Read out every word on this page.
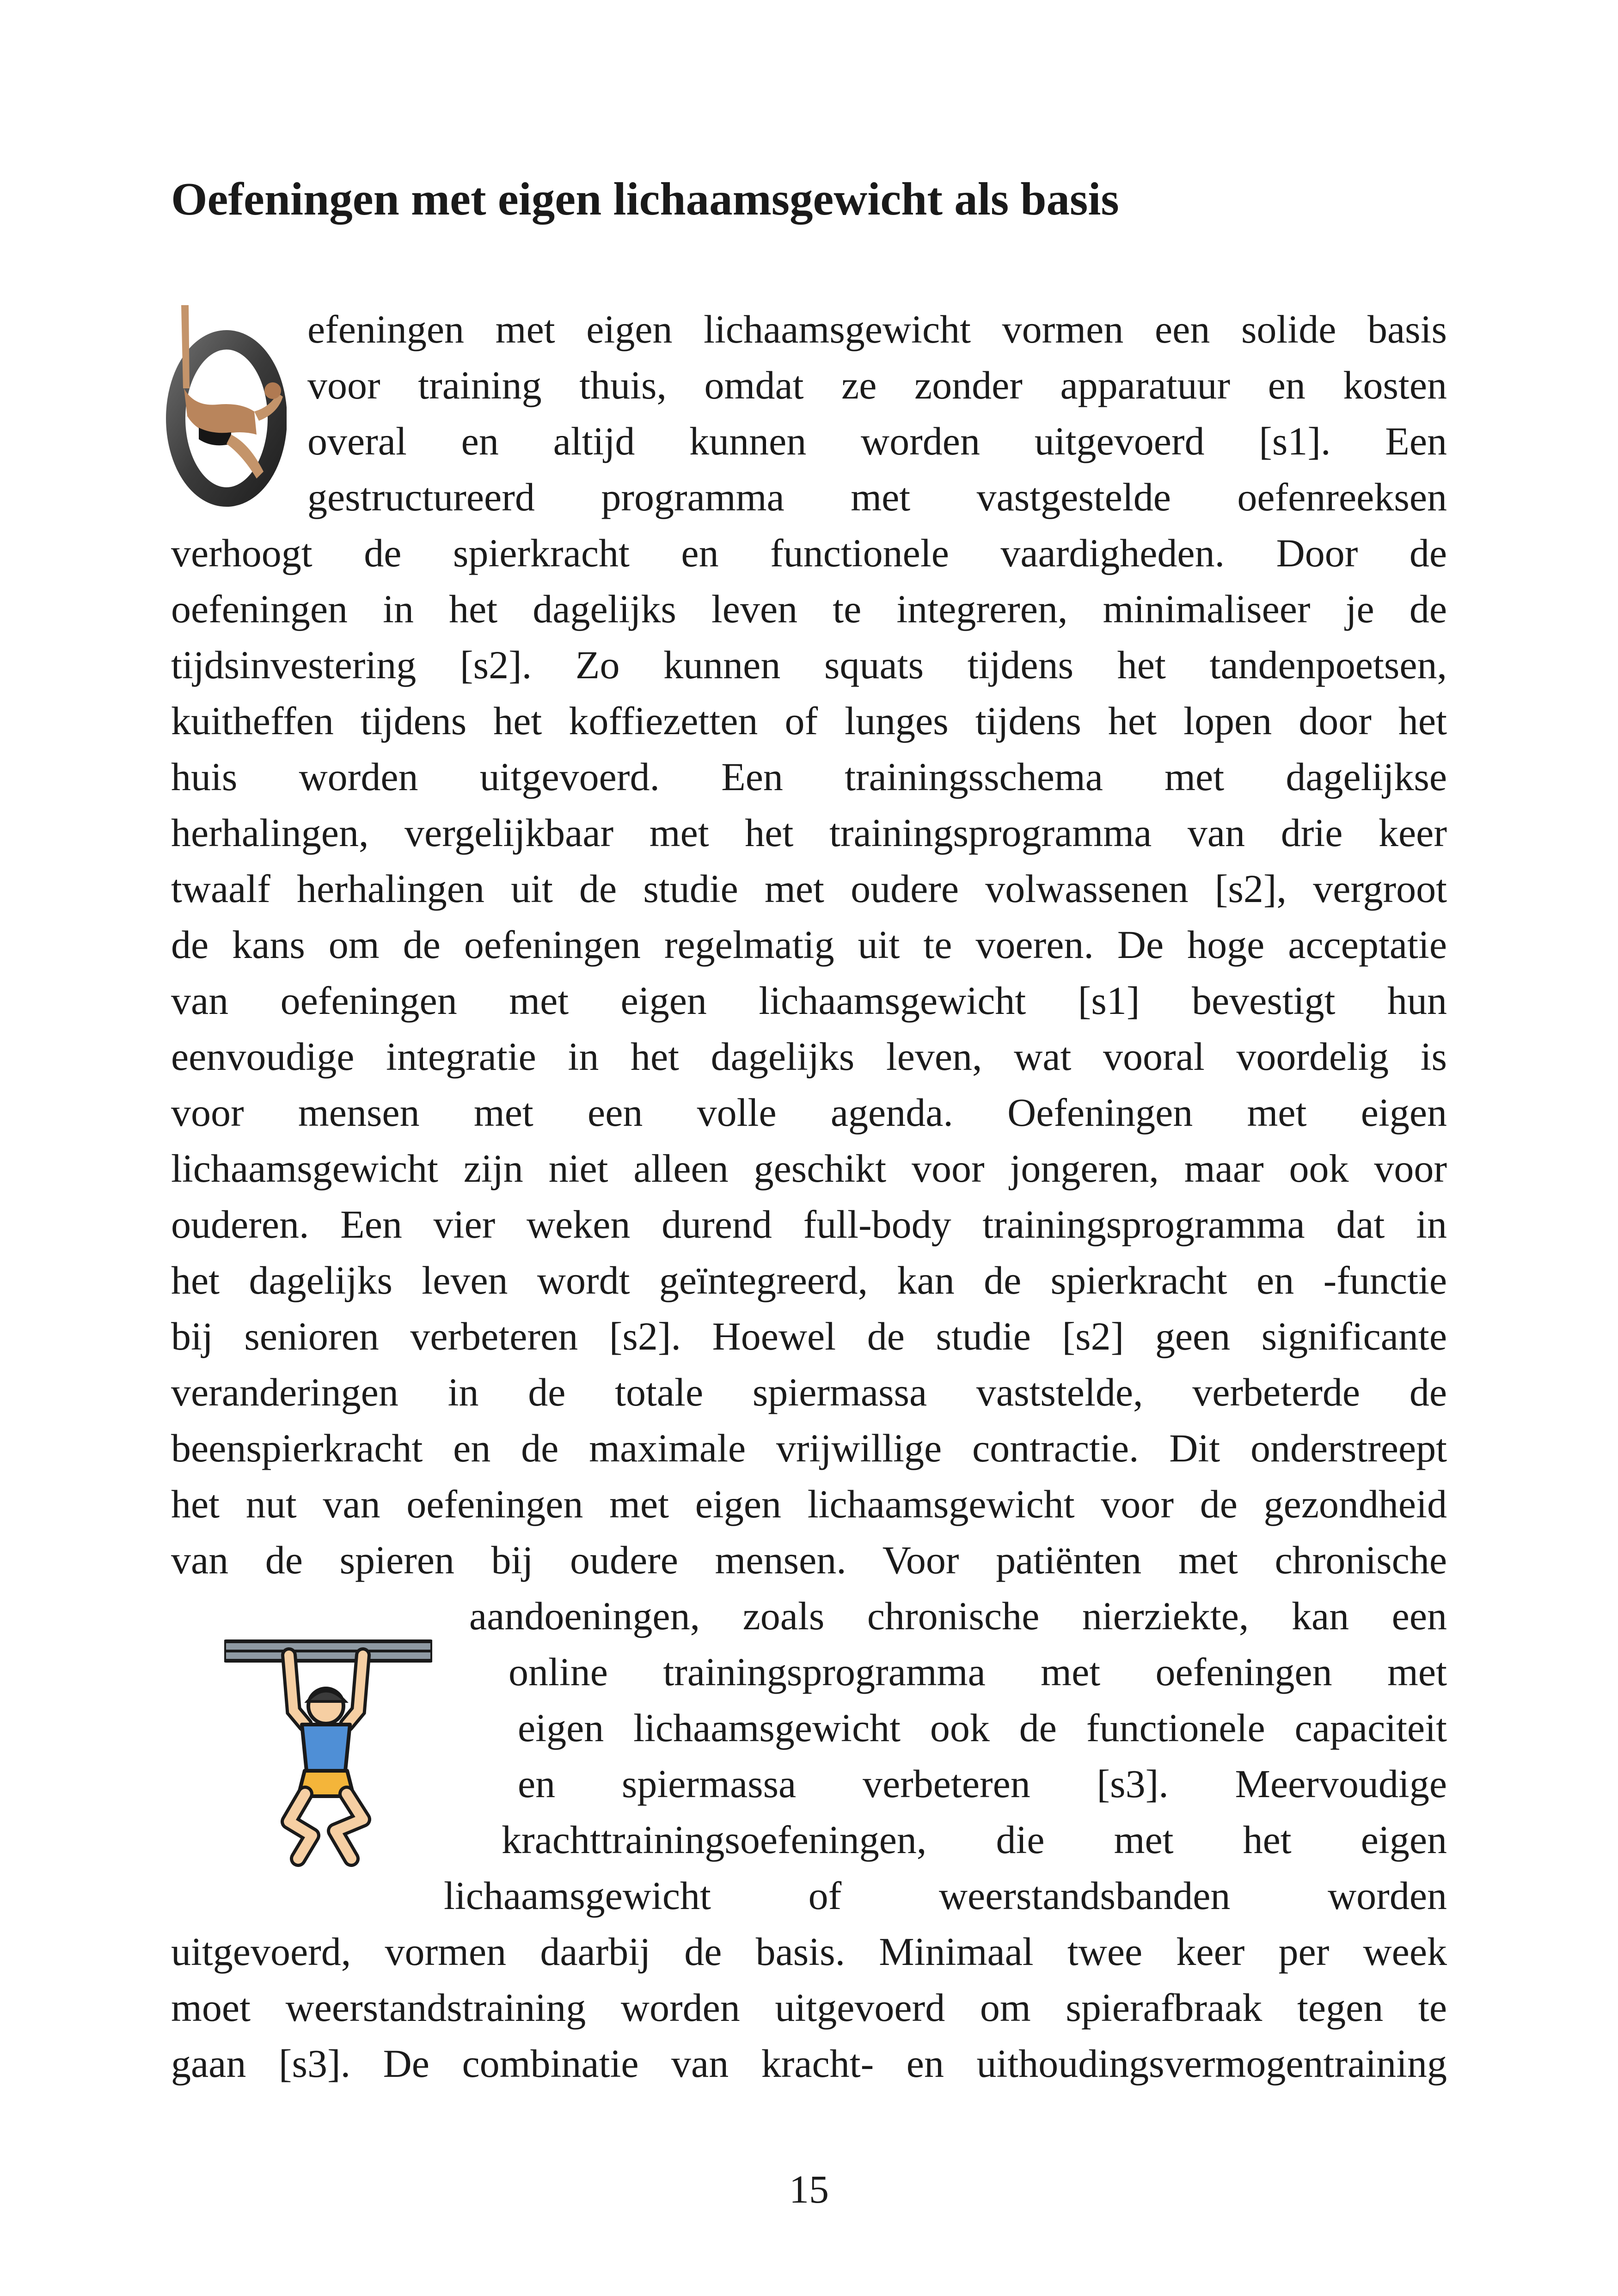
Oefeningen met eigen lichaamsgewicht als basis
efeningen met eigen lichaamsgewicht vormen een solide basis
voor training thuis, omdat ze zonder apparatuur en kosten
overal en altijd kunnen worden uitgevoerd [s1]. Een
gestructureerd programma met vastgestelde oefenreeksen
verhoogt de spierkracht en functionele vaardigheden. Door de
oefeningen in het dagelijks leven te integreren, minimaliseer je de
tijdsinvestering [s2]. Zo kunnen squats tijdens het tandenpoetsen,
kuitheffen tijdens het koffiezetten of lunges tijdens het lopen door het
huis worden uitgevoerd. Een trainingsschema met dagelijkse
herhalingen, vergelijkbaar met het trainingsprogramma van drie keer
twaalf herhalingen uit de studie met oudere volwassenen [s2], vergroot
de kans om de oefeningen regelmatig uit te voeren. De hoge acceptatie
van oefeningen met eigen lichaamsgewicht [s1] bevestigt hun
eenvoudige integratie in het dagelijks leven, wat vooral voordelig is
voor mensen met een volle agenda. Oefeningen met eigen
lichaamsgewicht zijn niet alleen geschikt voor jongeren, maar ook voor
ouderen. Een vier weken durend full-body trainingsprogramma dat in
het dagelijks leven wordt geïntegreerd, kan de spierkracht en -functie
bij senioren verbeteren [s2]. Hoewel de studie [s2] geen significante
veranderingen in de totale spiermassa vaststelde, verbeterde de
beenspierkracht en de maximale vrijwillige contractie. Dit onderstreept
het nut van oefeningen met eigen lichaamsgewicht voor de gezondheid
van de spieren bij oudere mensen. Voor patiënten met chronische
aandoeningen, zoals chronische nierziekte, kan een
online trainingsprogramma met oefeningen met
eigen lichaamsgewicht ook de functionele capaciteit
en spiermassa verbeteren [s3]. Meervoudige
krachttrainingsoefeningen, die met het eigen
lichaamsgewicht of weerstandsbanden worden
uitgevoerd, vormen daarbij de basis. Minimaal twee keer per week
moet weerstandstraining worden uitgevoerd om spierafbraak tegen te
gaan [s3]. De combinatie van kracht- en uithoudingsvermogentraining
15
